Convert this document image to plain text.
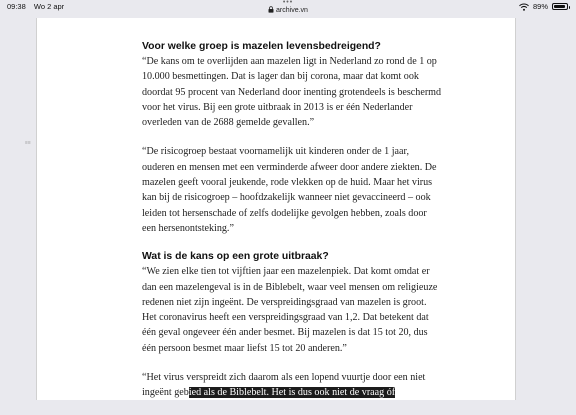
09:38 Wo 2 apr	•••
archive.vn	89%
≡≡
Voor welke groep is mazelen levensbedreigend?

“De kans om te overlijden aan mazelen ligt in Nederland zo rond de 1 op 10.000 besmettingen. Dat is lager dan bij corona, maar dat komt ook doordat 95 procent van Nederland door inenting grotendeels is beschermd voor het virus. Bij een grote uitbraak in 2013 is er één Nederlander overleden van de 2688 gemelde gevallen.”

“De risicogroep bestaat voornamelijk uit kinderen onder de 1 jaar, ouderen en mensen met een verminderde afweer door andere ziekten. De mazelen geeft vooral jeukende, rode vlekken op de huid. Maar het virus kan bij de risicogroep – hoofdzakelijk wanneer niet gevaccineerd – ook leiden tot hersenschade of zelfs dodelijke gevolgen hebben, zoals door een hersenontsteking.”

Wat is de kans op een grote uitbraak?

“We zien elke tien tot vijftien jaar een mazelenpiek. Dat komt omdat er dan een mazelengeval is in de Biblebelt, waar veel mensen om religieuze redenen niet zijn ingeënt. De verspreidingsgraad van mazelen is groot. Het coronavirus heeft een verspreidingsgraad van 1,2. Dat betekent dat één geval ongeveer één ander besmet. Bij mazelen is dat 15 tot 20, dus één persoon besmet maar liefst 15 tot 20 anderen.”

“Het virus verspreidt zich daarom als een lopend vuurtje door een niet ingeënt gebied als de Biblebelt. Het is dus ook niet de vraag óf
